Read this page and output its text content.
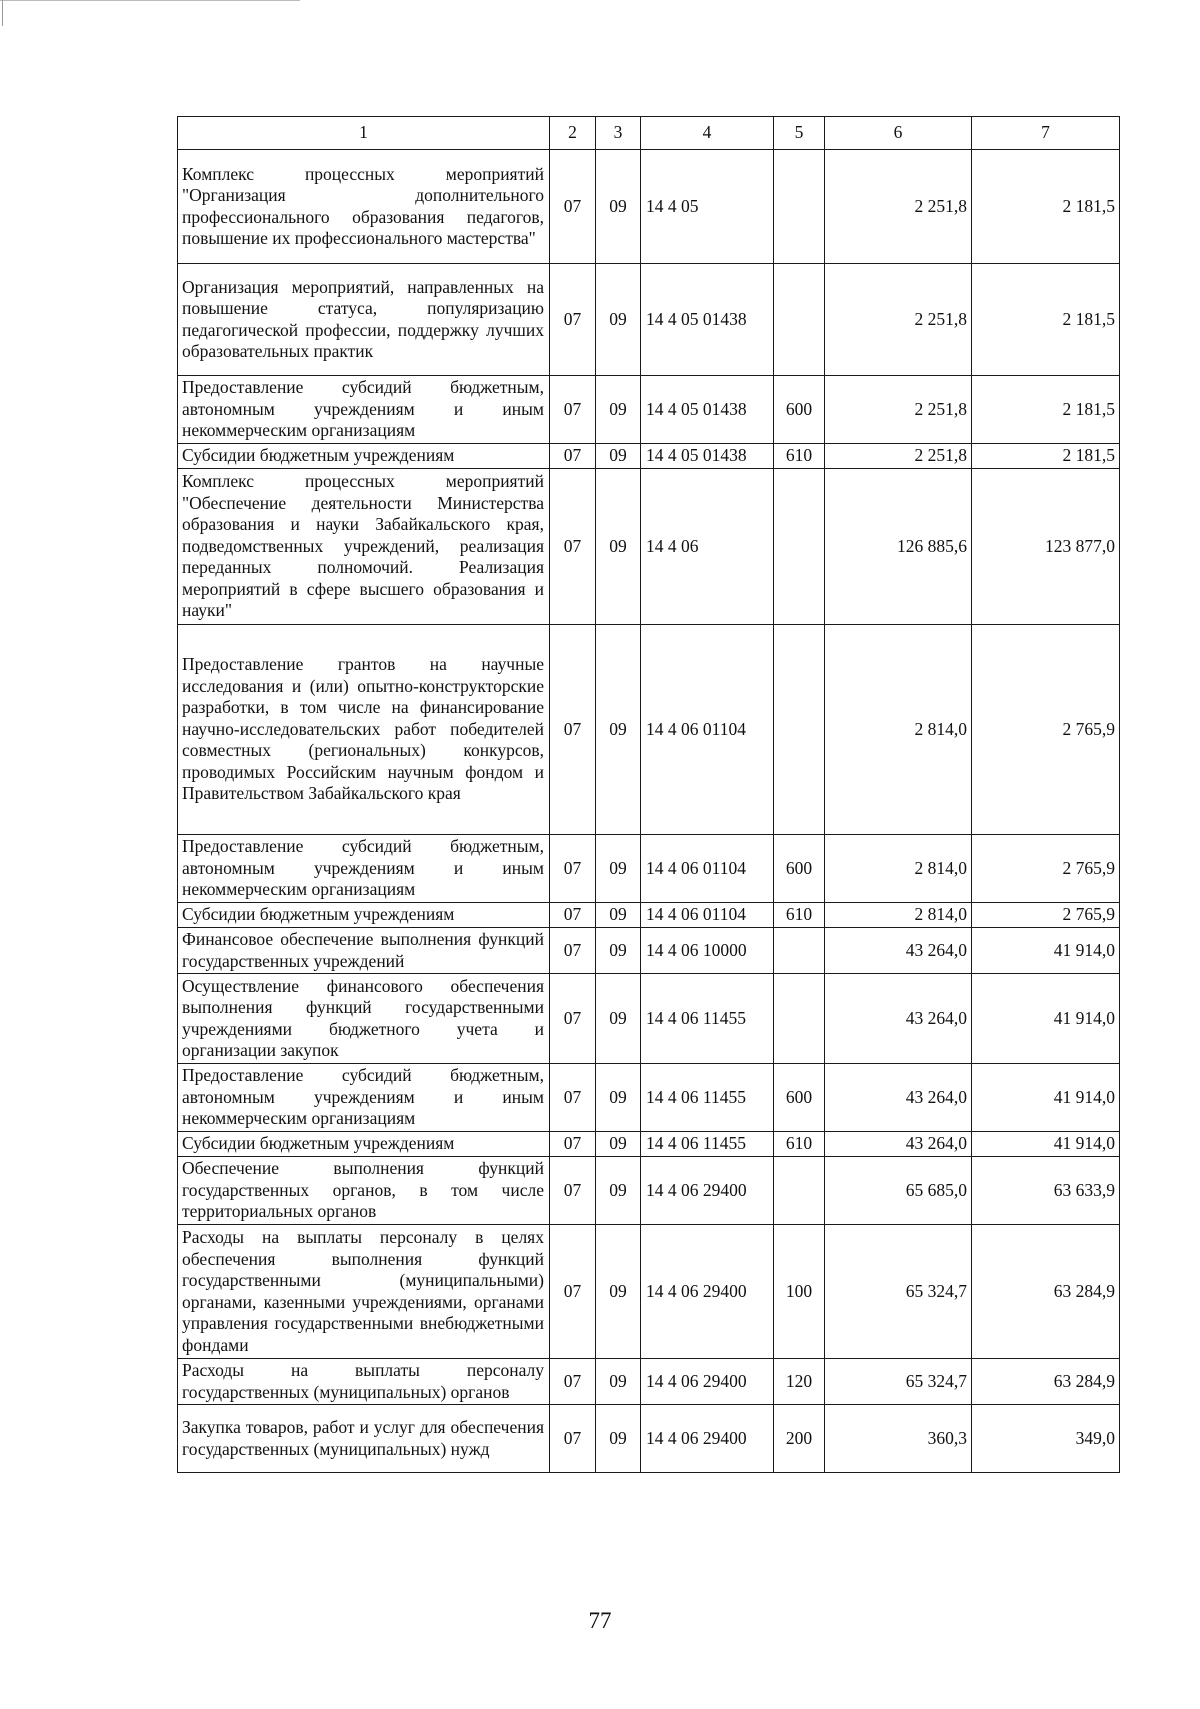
1	2	3	4	5	6	7
Комплекс процессных мероприятий "Организация дополнительного профессионального образования педагогов, повышение их профессионального мастерства"	07	09	14 4 05		2 251,8	2 181,5
Организация мероприятий, направленных на повышение статуса, популяризацию педагогической профессии, поддержку лучших образовательных практик	07	09	14 4 05 01438		2 251,8	2 181,5
Предоставление субсидий бюджетным, автономным учреждениям и иным некоммерческим организациям	07	09	14 4 05 01438	600	2 251,8	2 181,5
Субсидии бюджетным учреждениям	07	09	14 4 05 01438	610	2 251,8	2 181,5
Комплекс процессных мероприятий "Обеспечение деятельности Министерства образования и науки Забайкальского края, подведомственных учреждений, реализация переданных полномочий. Реализация мероприятий в сфере высшего образования и науки"	07	09	14 4 06		126 885,6	123 877,0
Предоставление грантов на научные исследования и (или) опытно-конструкторские разработки, в том числе на финансирование научно-исследовательских работ победителей совместных (региональных) конкурсов, проводимых Российским научным фондом и Правительством Забайкальского края	07	09	14 4 06 01104		2 814,0	2 765,9
Предоставление субсидий бюджетным, автономным учреждениям и иным некоммерческим организациям	07	09	14 4 06 01104	600	2 814,0	2 765,9
Субсидии бюджетным учреждениям	07	09	14 4 06 01104	610	2 814,0	2 765,9
Финансовое обеспечение выполнения функций государственных учреждений	07	09	14 4 06 10000		43 264,0	41 914,0
Осуществление финансового обеспечения выполнения функций государственными учреждениями бюджетного учета и организации закупок	07	09	14 4 06 11455		43 264,0	41 914,0
Предоставление субсидий бюджетным, автономным учреждениям и иным некоммерческим организациям	07	09	14 4 06 11455	600	43 264,0	41 914,0
Субсидии бюджетным учреждениям	07	09	14 4 06 11455	610	43 264,0	41 914,0
Обеспечение выполнения функций государственных органов, в том числе территориальных органов	07	09	14 4 06 29400		65 685,0	63 633,9
Расходы на выплаты персоналу в целях обеспечения выполнения функций государственными (муниципальными) органами, казенными учреждениями, органами управления государственными внебюджетными фондами	07	09	14 4 06 29400	100	65 324,7	63 284,9
Расходы на выплаты персоналу государственных (муниципальных) органов	07	09	14 4 06 29400	120	65 324,7	63 284,9
Закупка товаров, работ и услуг для обеспечения государственных (муниципальных) нужд	07	09	14 4 06 29400	200	360,3	349,0
77
